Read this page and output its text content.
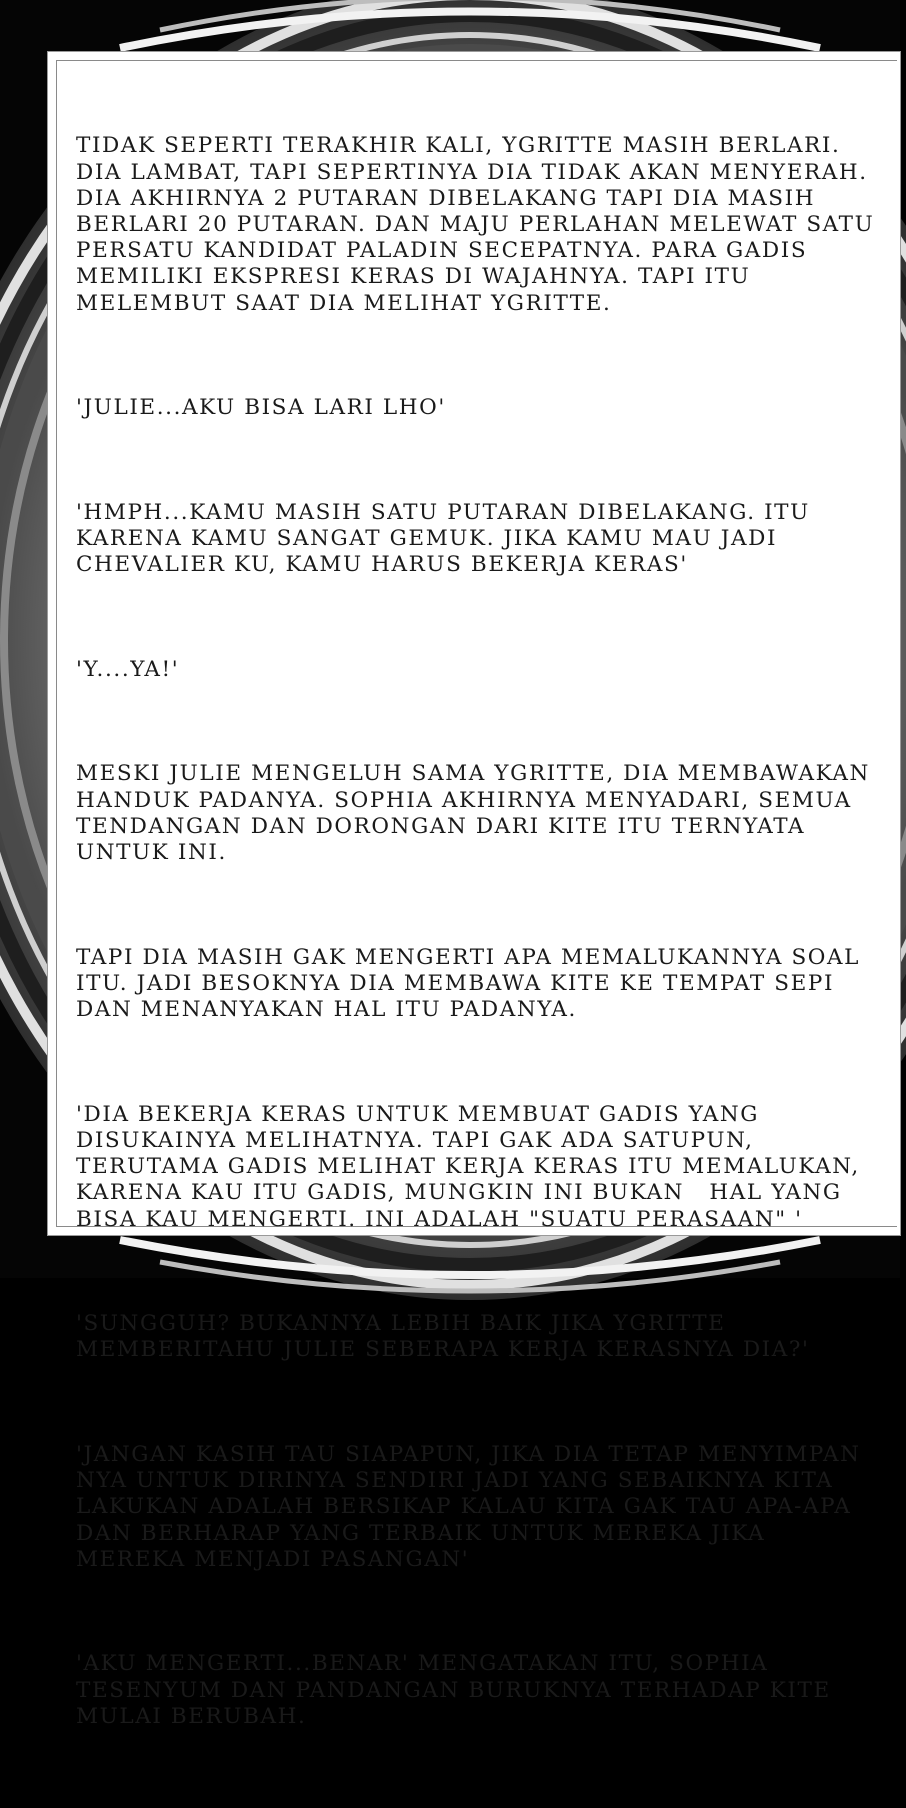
TIDAK SEPERTI TERAKHIR KALI, YGRITTE MASIH BERLARI.
DIA LAMBAT, TAPI SEPERTINYA DIA TIDAK AKAN MENYERAH.
DIA AKHIRNYA 2 PUTARAN DIBELAKANG TAPI DIA MASIH
BERLARI 20 PUTARAN. DAN MAJU PERLAHAN MELEWAT SATU
PERSATU KANDIDAT PALADIN SECEPATNYA. PARA GADIS
MEMILIKI EKSPRESI KERAS DI WAJAHNYA. TAPI ITU
MELEMBUT SAAT DIA MELIHAT YGRITTE.

'JULIE...AKU BISA LARI LHO'

'HMPH...KAMU MASIH SATU PUTARAN DIBELAKANG. ITU
KARENA KAMU SANGAT GEMUK. JIKA KAMU MAU JADI
CHEVALIER KU, KAMU HARUS BEKERJA KERAS'

'Y....YA!'

MESKI JULIE MENGELUH SAMA YGRITTE, DIA MEMBAWAKAN
HANDUK PADANYA. SOPHIA AKHIRNYA MENYADARI, SEMUA
TENDANGAN DAN DORONGAN DARI KITE ITU TERNYATA
UNTUK INI.

TAPI DIA MASIH GAK MENGERTI APA MEMALUKANNYA SOAL
ITU. JADI BESOKNYA DIA MEMBAWA KITE KE TEMPAT SEPI
DAN MENANYAKAN HAL ITU PADANYA.

'DIA BEKERJA KERAS UNTUK MEMBUAT GADIS YANG
DISUKAINYA MELIHATNYA. TAPI GAK ADA SATUPUN,
TERUTAMA GADIS MELIHAT KERJA KERAS ITU MEMALUKAN,
KARENA KAU ITU GADIS, MUNGKIN INI BUKAN   HAL YANG
BISA KAU MENGERTI. INI ADALAH "SUATU PERASAAN" '

'SUNGGUH? BUKANNYA LEBIH BAIK JIKA YGRITTE
MEMBERITAHU JULIE SEBERAPA KERJA KERASNYA DIA?'

'JANGAN KASIH TAU SIAPAPUN, JIKA DIA TETAP MENYIMPAN
NYA UNTUK DIRINYA SENDIRI JADI YANG SEBAIKNYA KITA
LAKUKAN ADALAH BERSIKAP KALAU KITA GAK TAU APA-APA
DAN BERHARAP YANG TERBAIK UNTUK MEREKA JIKA
MEREKA MENJADI PASANGAN'

'AKU MENGERTI...BENAR' MENGATAKAN ITU, SOPHIA
TESENYUM DAN PANDANGAN BURUKNYA TERHADAP KITE
MULAI BERUBAH.
